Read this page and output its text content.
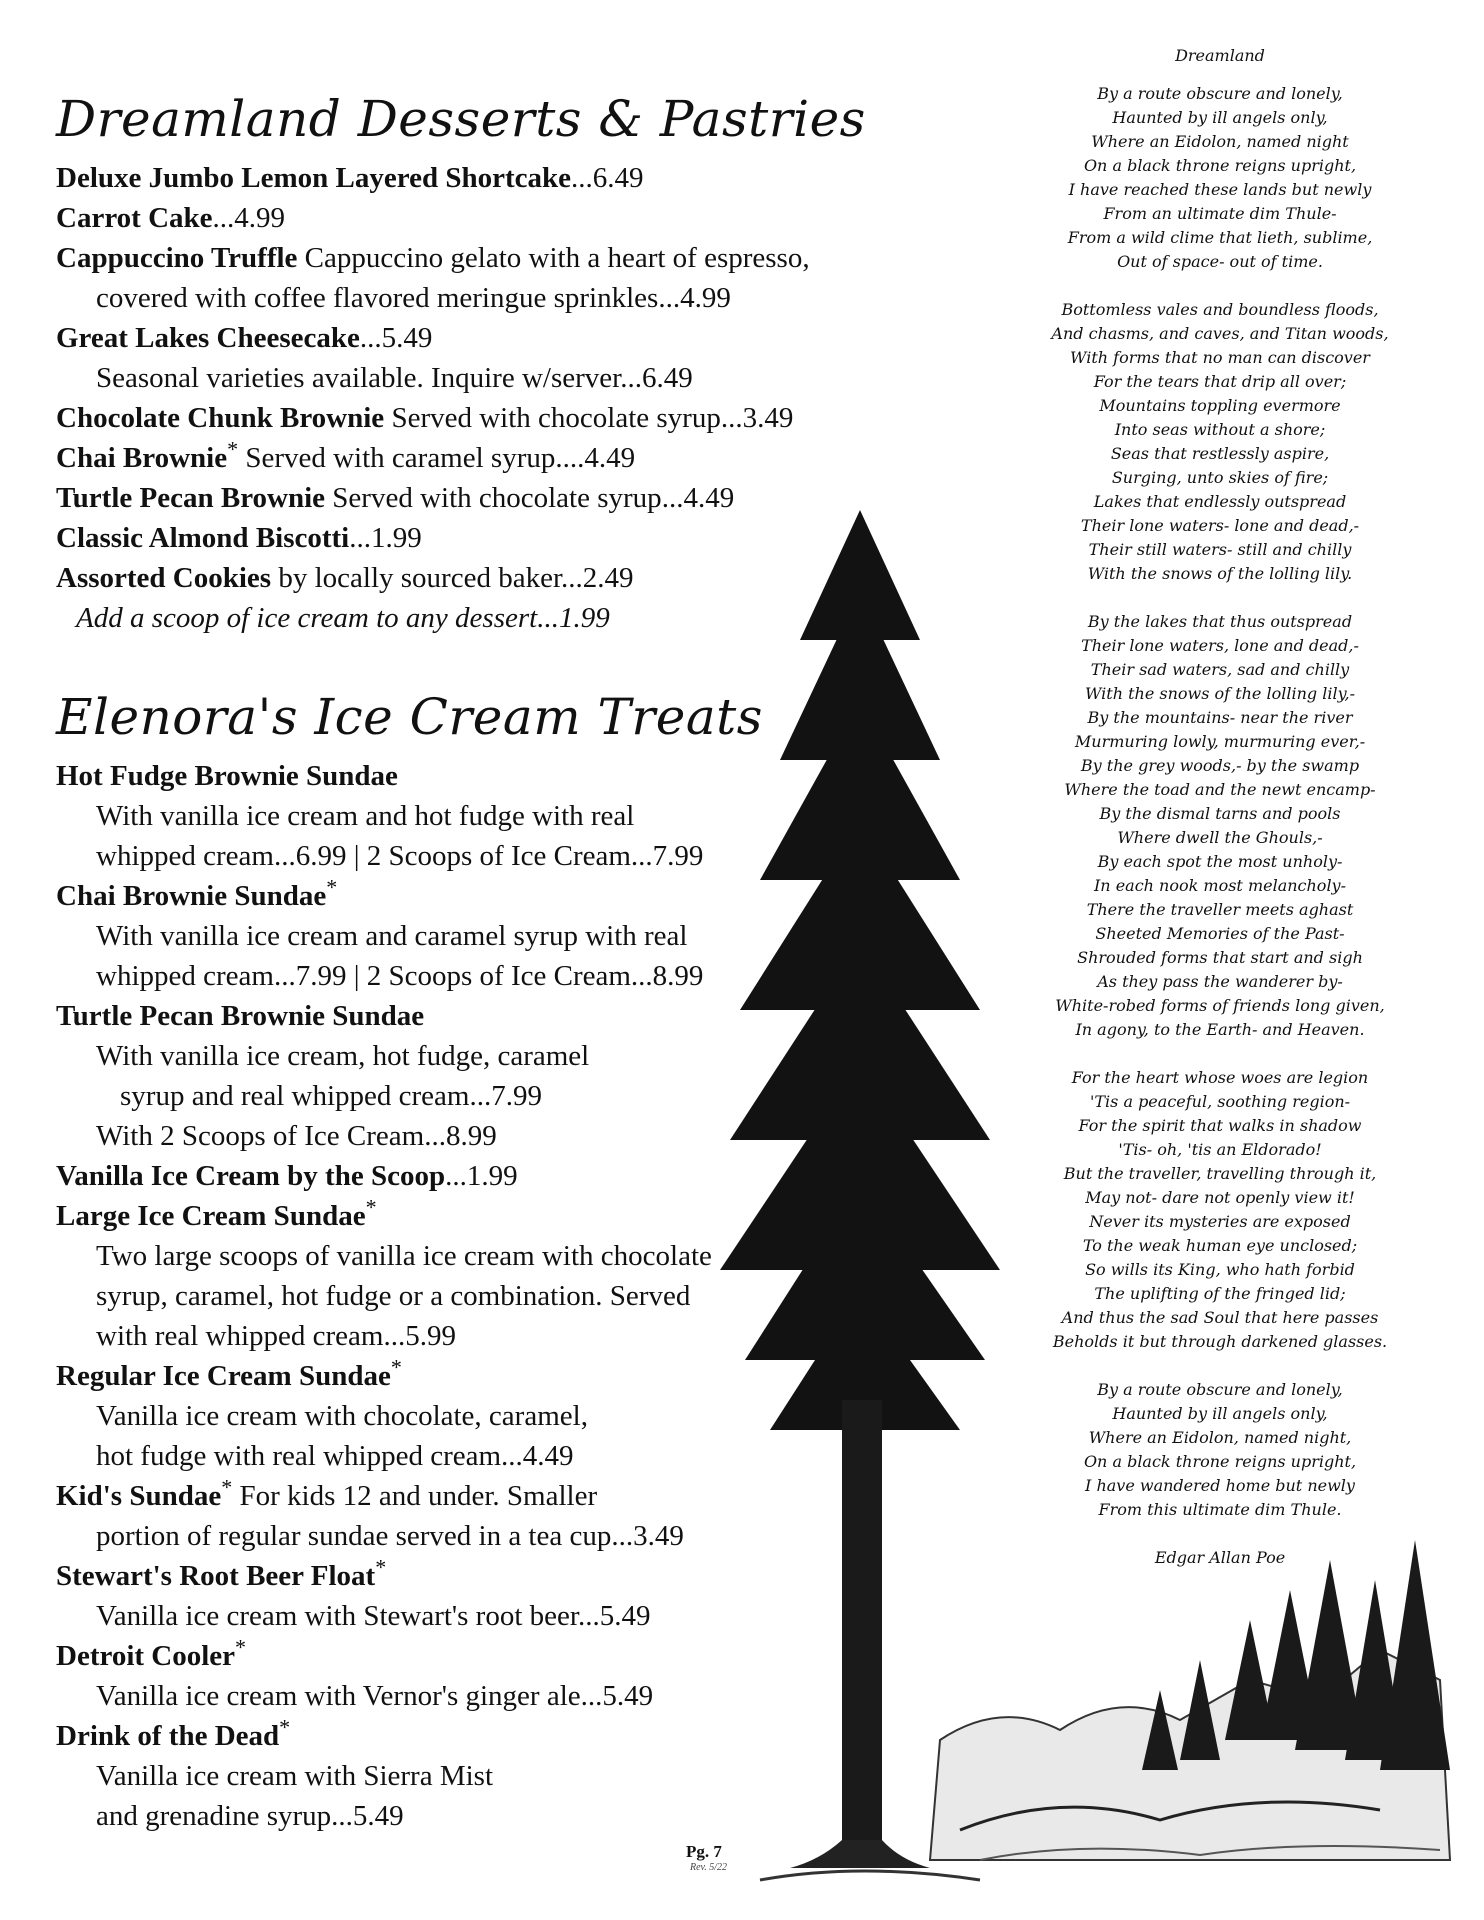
Dreamland Desserts & Pastries
Deluxe Jumbo Lemon Layered Shortcake...6.49
Carrot Cake...4.99
Cappuccino Truffle Cappuccino gelato with a heart of espresso,
covered with coffee flavored meringue sprinkles...4.99
Great Lakes Cheesecake...5.49
Seasonal varieties available. Inquire w/server...6.49
Chocolate Chunk Brownie Served with chocolate syrup...3.49
Chai Brownie* Served with caramel syrup....4.49
Turtle Pecan Brownie Served with chocolate syrup...4.49
Classic Almond Biscotti...1.99
Assorted Cookies by locally sourced baker...2.49
Add a scoop of ice cream to any dessert...1.99
Elenora's Ice Cream Treats
Hot Fudge Brownie Sundae
With vanilla ice cream and hot fudge with real
whipped cream...6.99 | 2 Scoops of Ice Cream...7.99
Chai Brownie Sundae*
With vanilla ice cream and caramel syrup with real
whipped cream...7.99 | 2 Scoops of Ice Cream...8.99
Turtle Pecan Brownie Sundae
With vanilla ice cream, hot fudge, caramel
syrup and real whipped cream...7.99
With 2 Scoops of Ice Cream...8.99
Vanilla Ice Cream by the Scoop...1.99
Large Ice Cream Sundae*
Two large scoops of vanilla ice cream with chocolate
syrup, caramel, hot fudge or a combination. Served
with real whipped cream...5.99
Regular Ice Cream Sundae*
Vanilla ice cream with chocolate, caramel,
hot fudge with real whipped cream...4.49
Kid's Sundae* For kids 12 and under. Smaller
portion of regular sundae served in a tea cup...3.49
Stewart's Root Beer Float*
Vanilla ice cream with Stewart's root beer...5.49
Detroit Cooler*
Vanilla ice cream with Vernor's ginger ale...5.49
Drink of the Dead*
Vanilla ice cream with Sierra Mist
and grenadine syrup...5.49
Dreamland
By a route obscure and lonely,
Haunted by ill angels only,
Where an Eidolon, named night
On a black throne reigns upright,
I have reached these lands but newly
From an ultimate dim Thule-
From a wild clime that lieth, sublime,
Out of space- out of time.
Bottomless vales and boundless floods,
And chasms, and caves, and Titan woods,
With forms that no man can discover
For the tears that drip all over;
Mountains toppling evermore
Into seas without a shore;
Seas that restlessly aspire,
Surging, unto skies of fire;
Lakes that endlessly outspread
Their lone waters- lone and dead,-
Their still waters- still and chilly
With the snows of the lolling lily.
By the lakes that thus outspread
Their lone waters, lone and dead,-
Their sad waters, sad and chilly
With the snows of the lolling lily,-
By the mountains- near the river
Murmuring lowly, murmuring ever,-
By the grey woods,- by the swamp
Where the toad and the newt encamp-
By the dismal tarns and pools
Where dwell the Ghouls,-
By each spot the most unholy-
In each nook most melancholy-
There the traveller meets aghast
Sheeted Memories of the Past-
Shrouded forms that start and sigh
As they pass the wanderer by-
White-robed forms of friends long given,
In agony, to the Earth- and Heaven.
For the heart whose woes are legion
'Tis a peaceful, soothing region-
For the spirit that walks in shadow
'Tis- oh, 'tis an Eldorado!
But the traveller, travelling through it,
May not- dare not openly view it!
Never its mysteries are exposed
To the weak human eye unclosed;
So wills its King, who hath forbid
The uplifting of the fringed lid;
And thus the sad Soul that here passes
Beholds it but through darkened glasses.
By a route obscure and lonely,
Haunted by ill angels only,
Where an Eidolon, named night,
On a black throne reigns upright,
I have wandered home but newly
From this ultimate dim Thule.
Edgar Allan Poe
Pg. 7
Rev. 5/22
